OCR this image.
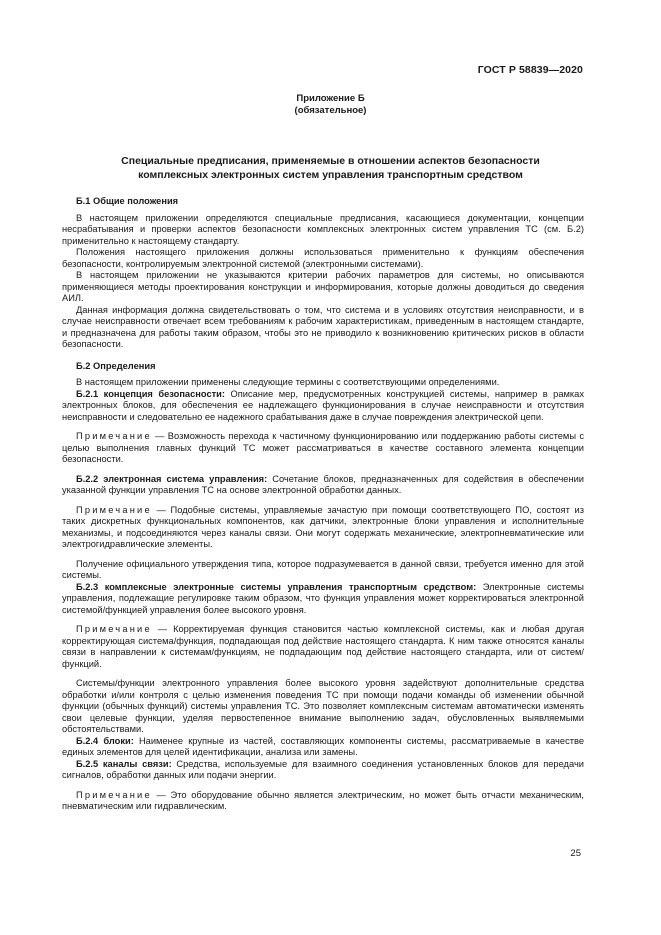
ГОСТ Р 58839—2020
Приложение Б
(обязательное)
Специальные предписания, применяемые в отношении аспектов безопасности
комплексных электронных систем управления транспортным средством
Б.1 Общие положения

В настоящем приложении определяются специальные предписания, касающиеся документации, концепции несрабатывания и проверки аспектов безопасности комплексных электронных систем управления ТС (см. Б.2) применительно к настоящему стандарту.

Положения настоящего приложения должны использоваться применительно к функциям обеспечения безопасности, контролируемым электронной системой (электронными системами).

В настоящем приложении не указываются критерии рабочих параметров для системы, но описываются применяющиеся методы проектирования конструкции и информирования, которые должны доводиться до сведения АИЛ.

Данная информация должна свидетельствовать о том, что система и в условиях отсутствия неисправности, и в случае неисправности отвечает всем требованиям к рабочим характеристикам, приведенным в настоящем стандарте, и предназначена для работы таким образом, чтобы это не приводило к возникновению критических рисков в области безопасности.

Б.2 Определения

В настоящем приложении применены следующие термины с соответствующими определениями.

Б.2.1 концепция безопасности: Описание мер, предусмотренных конструкцией системы, например в рамках электронных блоков, для обеспечения ее надлежащего функционирования в случае неисправности и отсутствия неисправности и следовательно ее надежного срабатывания даже в случае повреждения электрической цепи.

Примечание — Возможность перехода к частичному функционированию или поддержанию работы системы с целью выполнения главных функций ТС может рассматриваться в качестве составного элемента концепции безопасности.

Б.2.2 электронная система управления: Сочетание блоков, предназначенных для содействия в обеспечении указанной функции управления ТС на основе электронной обработки данных.

Примечание — Подобные системы, управляемые зачастую при помощи соответствующего ПО, состоят из таких дискретных функциональных компонентов, как датчики, электронные блоки управления и исполнительные механизмы, и подсоединяются через каналы связи. Они могут содержать механические, электропневматические или электрогидравлические элементы.

Получение официального утверждения типа, которое подразумевается в данной связи, требуется именно для этой системы.

Б.2.3 комплексные электронные системы управления транспортным средством: Электронные системы управления, подлежащие регулировке таким образом, что функция управления может корректироваться электронной системой/функцией управления более высокого уровня.

Примечание — Корректируемая функция становится частью комплексной системы, как и любая другая корректирующая система/функция, подпадающая под действие настоящего стандарта. К ним также относятся каналы связи в направлении к системам/функциям, не подпадающим под действие настоящего стандарта, или от систем/функций.

Системы/функции электронного управления более высокого уровня задействуют дополнительные средства обработки и/или контроля с целью изменения поведения ТС при помощи подачи команды об изменении обычной функции (обычных функций) системы управления ТС. Это позволяет комплексным системам автоматически изменять свои целевые функции, уделяя первостепенное внимание выполнению задач, обусловленных выявляемыми обстоятельствами.

Б.2.4 блоки: Наименее крупные из частей, составляющих компоненты системы, рассматриваемые в качестве единых элементов для целей идентификации, анализа или замены.

Б.2.5 каналы связи: Средства, используемые для взаимного соединения установленных блоков для передачи сигналов, обработки данных или подачи энергии.

Примечание — Это оборудование обычно является электрическим, но может быть отчасти механическим, пневматическим или гидравлическим.

25
